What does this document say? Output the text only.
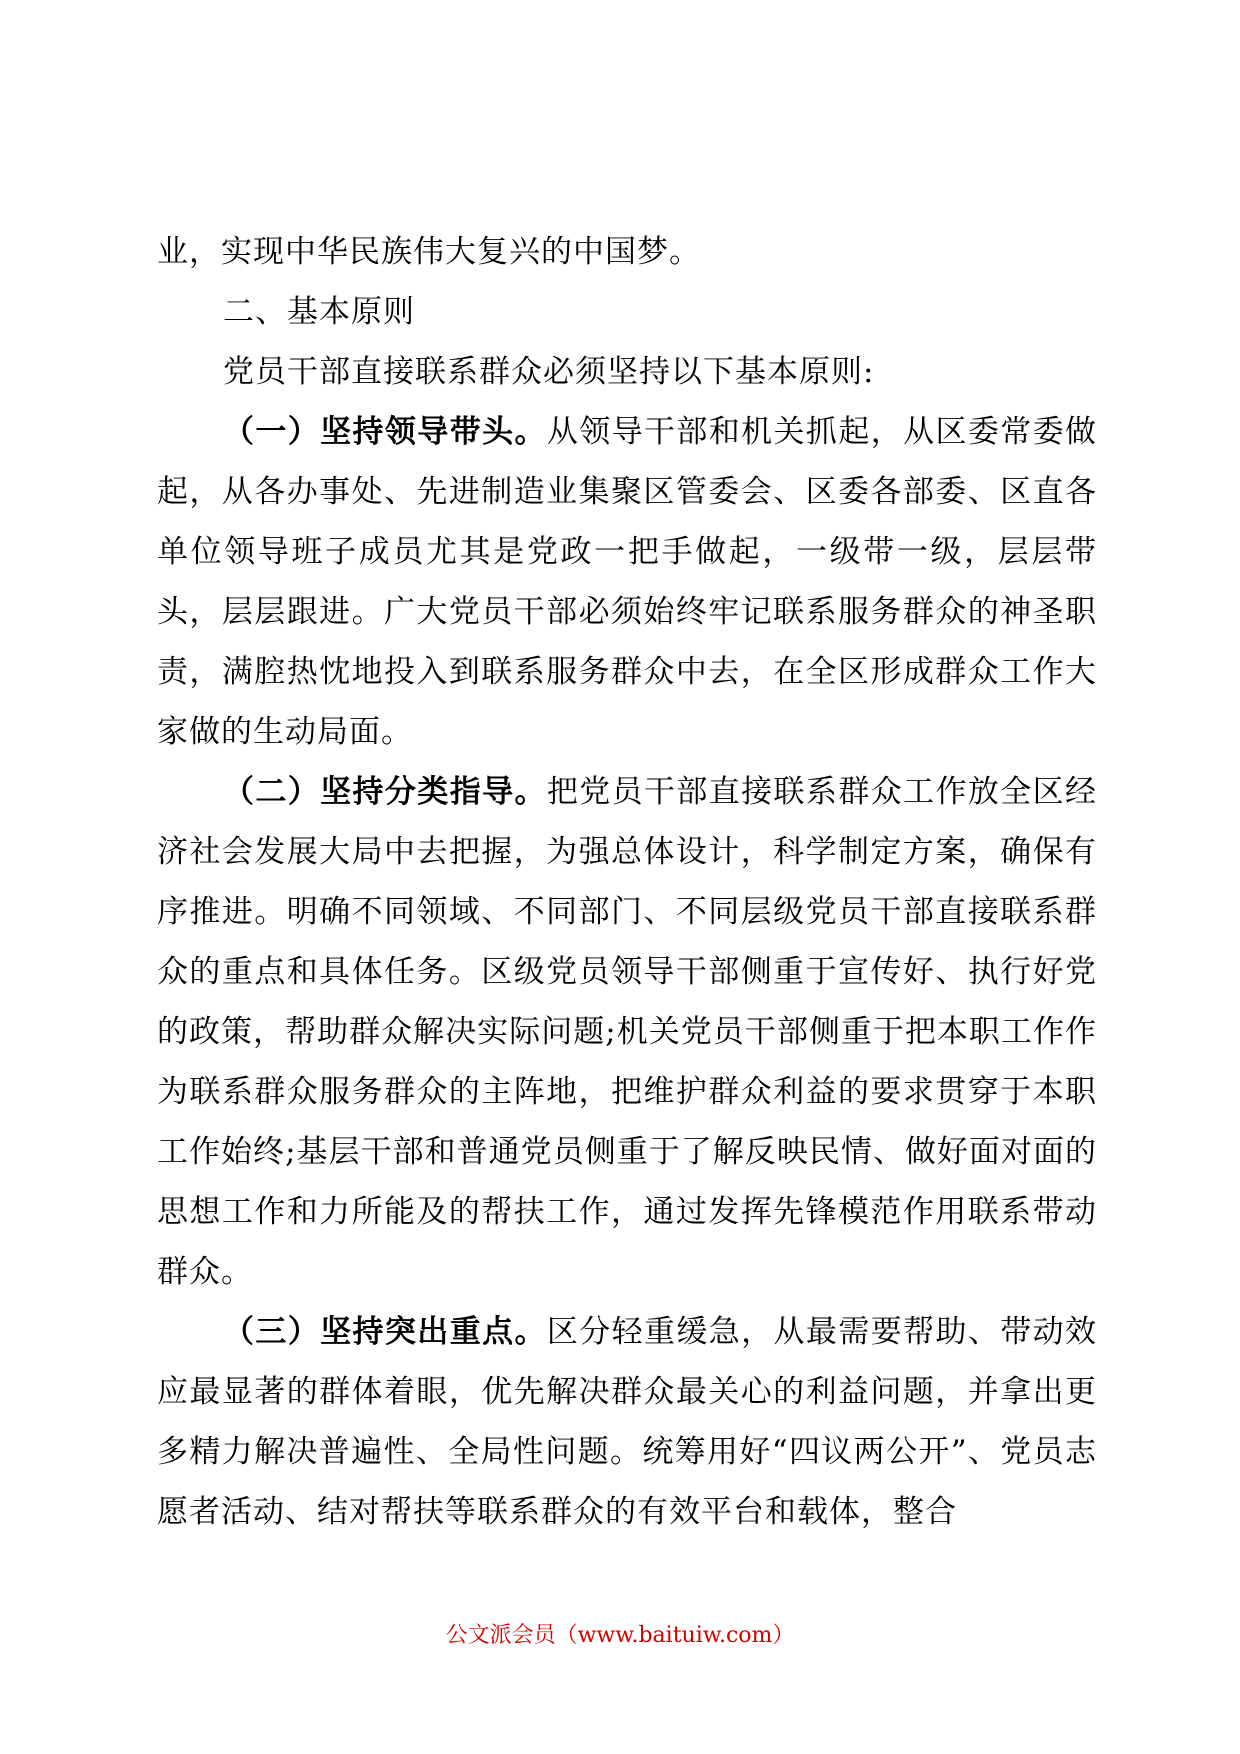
业，实现中华民族伟大复兴的中国梦。

二、基本原则

党员干部直接联系群众必须坚持以下基本原则:

（一）坚持领导带头。从领导干部和机关抓起，从区委常委做起，从各办事处、先进制造业集聚区管委会、区委各部委、区直各单位领导班子成员尤其是党政一把手做起，一级带一级，层层带头，层层跟进。广大党员干部必须始终牢记联系服务群众的神圣职责，满腔热忱地投入到联系服务群众中去，在全区形成群众工作大家做的生动局面。

（二）坚持分类指导。把党员干部直接联系群众工作放全区经济社会发展大局中去把握，为强总体设计，科学制定方案，确保有序推进。明确不同领域、不同部门、不同层级党员干部直接联系群众的重点和具体任务。区级党员领导干部侧重于宣传好、执行好党的政策，帮助群众解决实际问题;机关党员干部侧重于把本职工作作为联系群众服务群众的主阵地，把维护群众利益的要求贯穿于本职工作始终;基层干部和普通党员侧重于了解反映民情、做好面对面的思想工作和力所能及的帮扶工作，通过发挥先锋模范作用联系带动群众。

（三）坚持突出重点。区分轻重缓急，从最需要帮助、带动效应最显著的群体着眼，优先解决群众最关心的利益问题，并拿出更多精力解决普遍性、全局性问题。统筹用好“四议两公开”、党员志愿者活动、结对帮扶等联系群众的有效平台和载体，整合

公文派会员（www.baituiw.com）
